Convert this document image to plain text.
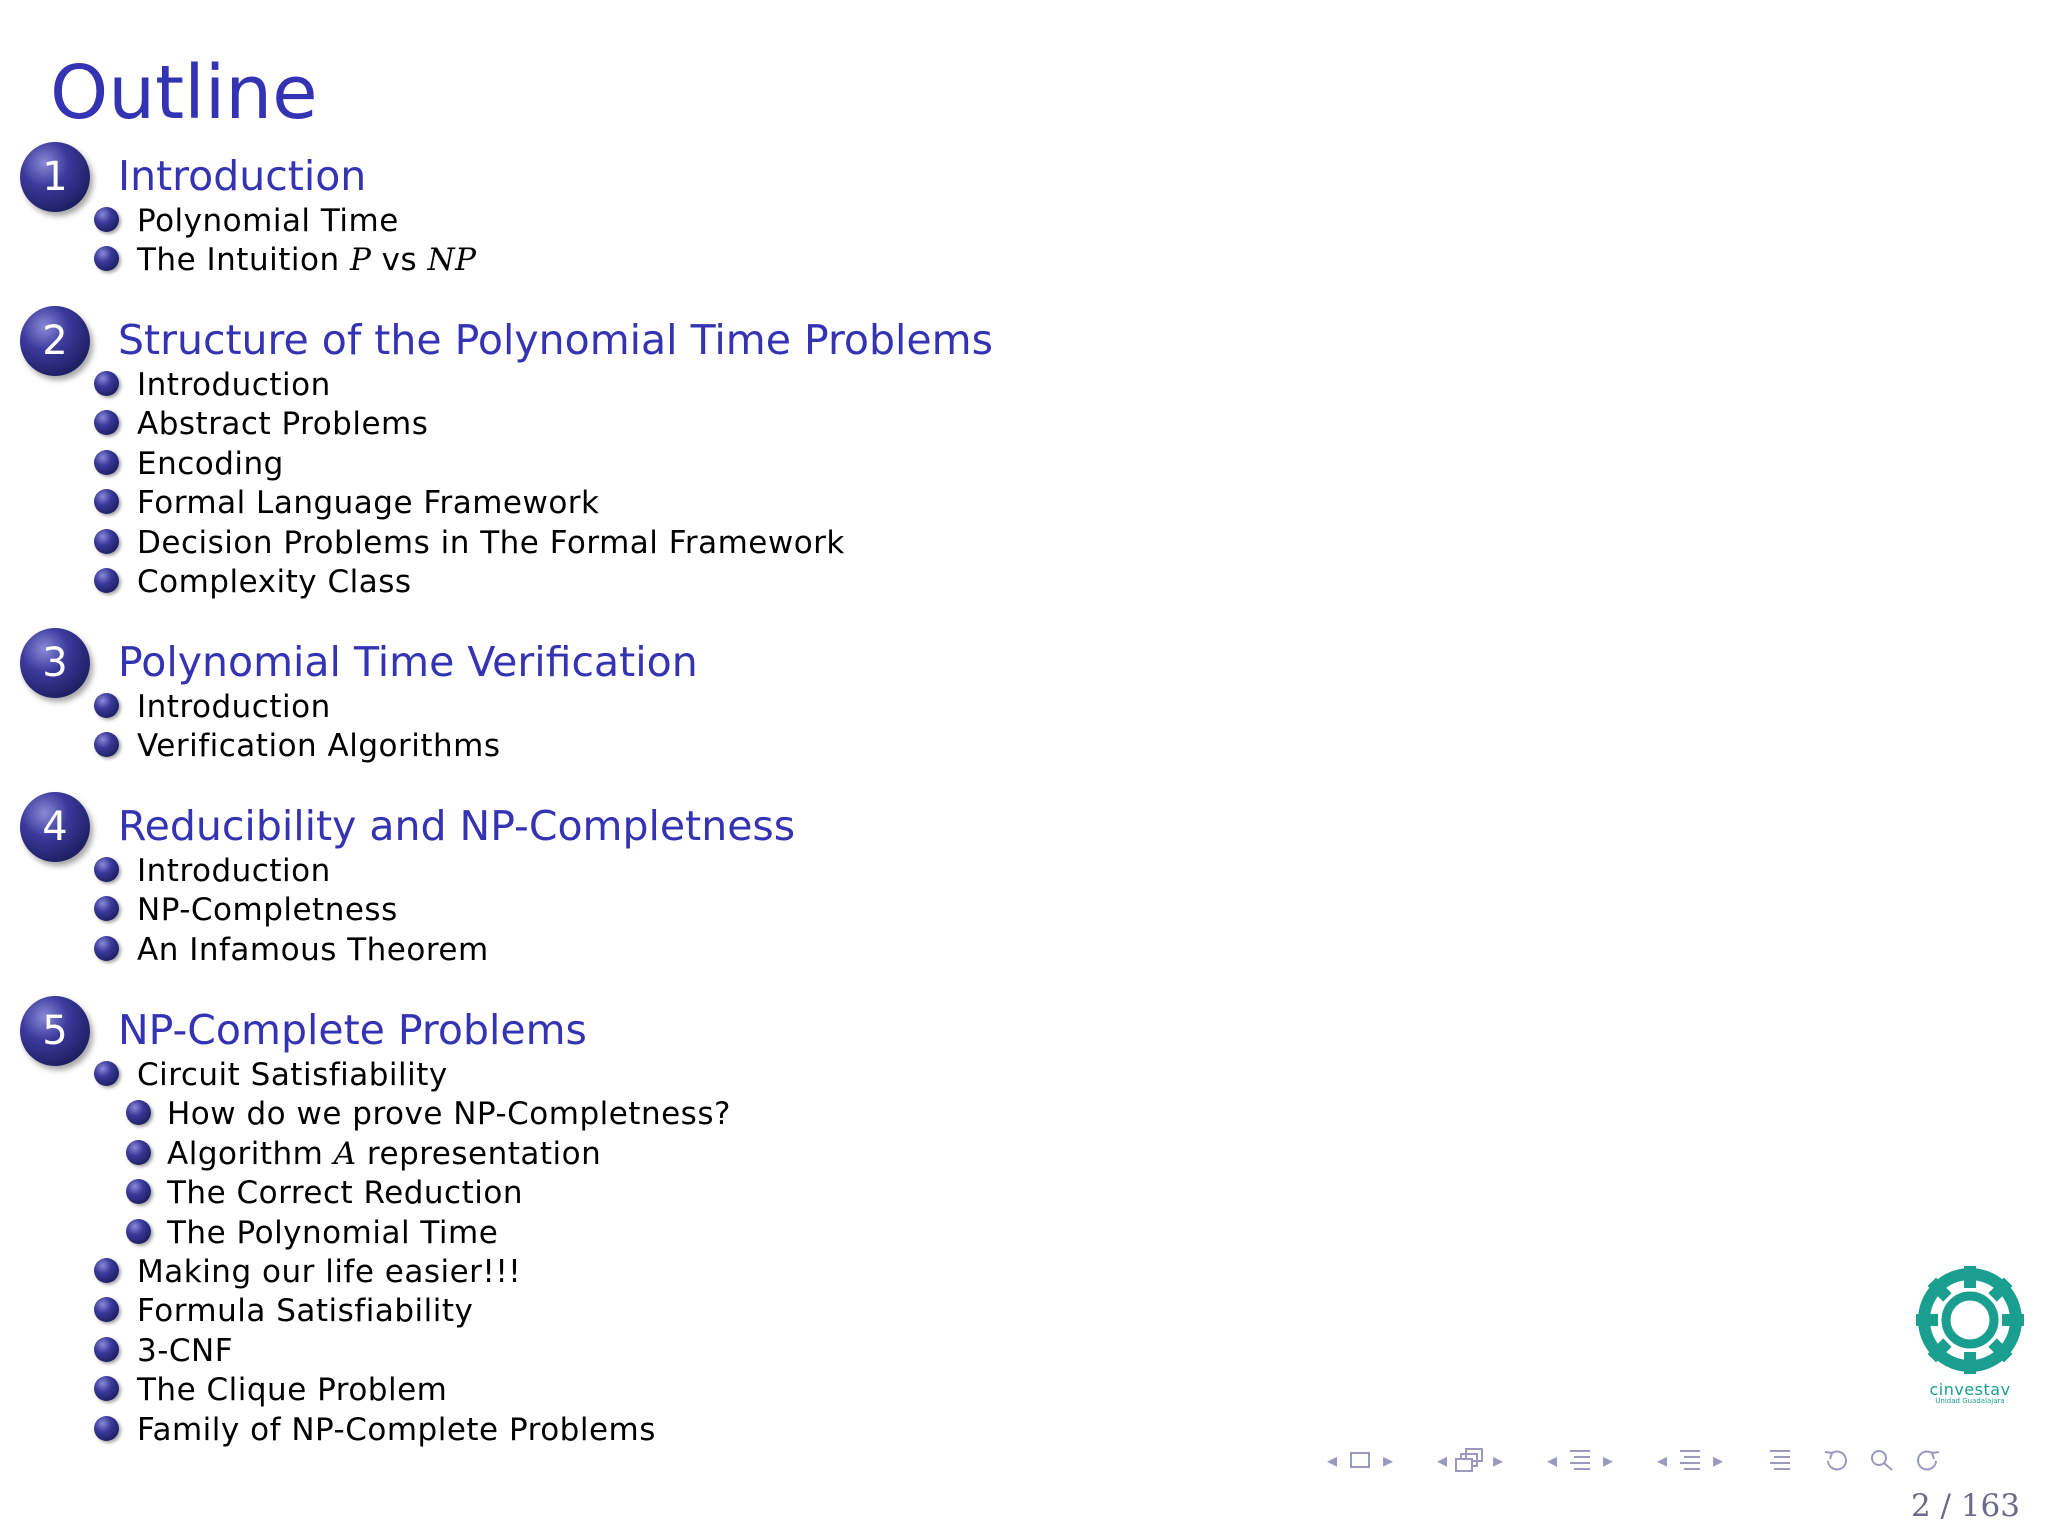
Outline
1	Introduction
Polynomial Time
The Intuition P vs NP
2	Structure of the Polynomial Time Problems
Introduction
Abstract Problems
Encoding
Formal Language Framework
Decision Problems in The Formal Framework
Complexity Class
3	Polynomial Time Verification
Introduction
Verification Algorithms
4	Reducibility and NP-Completness
Introduction
NP-Completness
An Infamous Theorem
5	NP-Complete Problems
Circuit Satisfiability
How do we prove NP-Completness?
Algorithm A representation
The Correct Reduction
The Polynomial Time
Making our life easier!!!
Formula Satisfiability
3-CNF
The Clique Problem
Family of NP-Complete Problems
cinvestav
Unidad Guadalajara
◂ ▸ ◂ ▸ ◂ ▸ ◂ ▸
2 / 163
